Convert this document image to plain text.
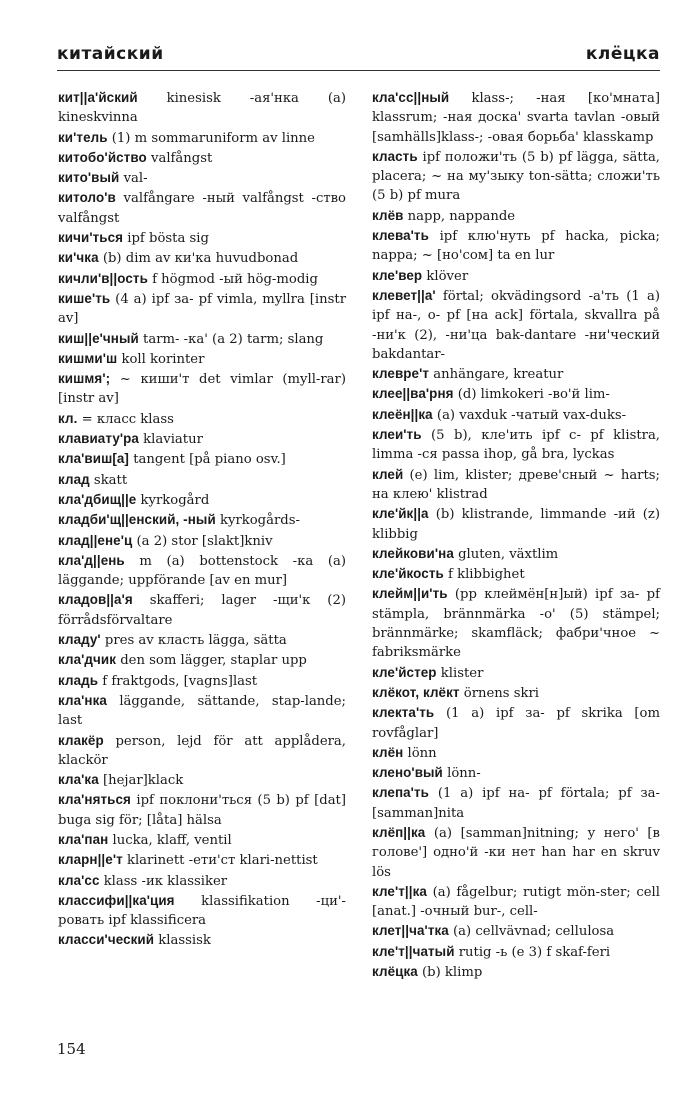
китайский	клёцка

кит||а'йский kinesisk -ая'нка (a) kineskvinna

ки'тель (1) m sommaruniform av linne

китобо'йство valfångst

кито'вый val-

китоло'в valfångare -ный valfångst -ство valfångst

кичи'ться ipf bösta sig

ки'чка (b) dim av ки'ка huvudbonad

кичли'в||ость f högmod -ый hög-modig

кише'ть (4 a) ipf за- pf vimla, myllra [instr av]

киш||е'чный tarm- -ка' (a 2) tarm; slang

кишми'ш koll korinter

кишмя'; ~ киши'т det vimlar (myll-rar) [instr av]

кл. = класс klass

клавиату'ра klaviatur

кла'виш[а] tangent [på piano osv.]

клад skatt

кла'дбищ||е kyrkogård

кладби'щ||енский, -ный kyrkogårds-

клад||ене'ц (a 2) stor [slakt]kniv

кла'д||ень m (a) bottenstock -ка (a) läggande; uppförande [av en mur]

кладов||а'я skafferi; lager -щи'к (2) förrådsförvaltare

кладу' pres av класть lägga, sätta

кла'дчик den som lägger, staplar upp

кладь f fraktgods, [vagns]last

кла'нка läggande, sättande, stap-lande; last

клакёр person, lejd för att applådera, klackör

кла'ка [hejar]klack

кла'няться ipf поклони'ться (5 b) pf [dat] buga sig för; [låta] hälsa

кла'пан lucka, klaff, ventil

кларн||е'т klarinett -ети'ст klari-nettist

кла'сс klass -ик klassiker

классифи||ка'ция klassifikation -ци'-ровать ipf klassificera

класси'ческий klassisk

кла'сс||ный klass-; -ная [ко'мната] klassrum; -ная доска' svarta tavlan -овый [samhälls]klass-; -овая борьба' klasskamp

класть ipf положи'ть (5 b) pf lägga, sätta, placera; ~ на му'зыку ton-sätta; сложи'ть (5 b) pf mura

клёв napp, nappande

клева'ть ipf клю'нуть pf hacka, picka; nappa; ~ [но'сом] ta en lur

кле'вер klöver

клевет||а' förtal; okvädingsord -а'ть (1 a) ipf на-, о- pf [на ack] förtala, skvallra på -ни'к (2), -ни'ца bak-dantare -ни'ческий bakdantar-

клевре'т anhängare, kreatur

клее||ва'рня (d) limkokeri -во'й lim-

клеён||ка (a) vaxduk -чатый vax-duks-

клеи'ть (5 b), кле'ить ipf с- pf klistra, limma -ся passa ihop, gå bra, lyckas

клей (e) lim, klister; древе'сный ~ harts; на клею' klistrad

кле'йк||а (b) klistrande, limmande -ий (z) klibbig

клейкови'на gluten, växtlim

кле'йкость f klibbighet

клейм||и'ть (pp клеймён[н]ый) ipf за- pf stämpla, brännmärka -о' (5) stämpel; brännmärke; skamfläck; фабри'чное ~ fabriksmärke

кле'йстер klister

клёкот, клёкт örnens skri

клекта'ть (1 a) ipf за- pf skrika [om rovfåglar]

клён lönn

клено'вый lönn-

клепа'ть (1 a) ipf на- pf förtala; pf за- [samman]nita

клёп||ка (a) [samman]nitning; у него' [в голове'] одно'й -ки нет han har en skruv lös

кле'т||ка (a) fågelbur; rutigt mön-ster; cell [anat.] -очный bur-, cell-

клет||ча'тка (a) cellvävnad; cellulosa

кле'т||чатый rutig -ь (e 3) f skaf-feri

клёцка (b) klimp

154
